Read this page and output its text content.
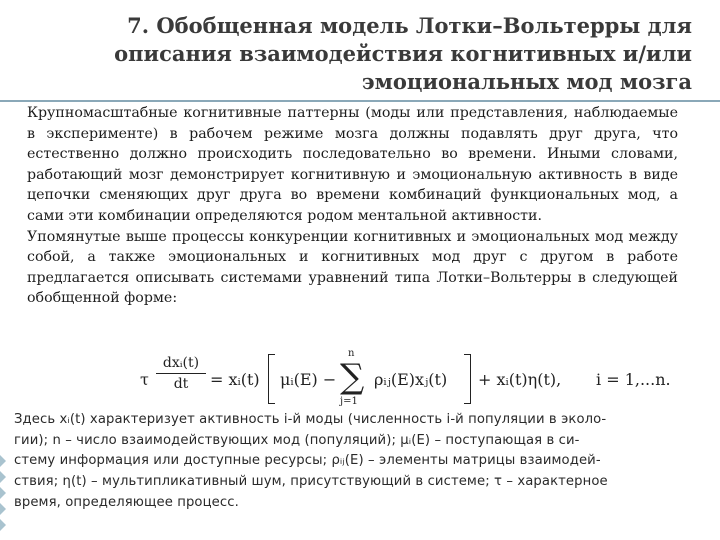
7. Обобщенная модель Лотки–Вольтерры для
описания взаимодействия когнитивных и/или
эмоциональных мод мозга

Крупномасштабные когнитивные паттерны (моды или представления, наблюдаемые в эксперименте) в рабочем режиме мозга должны подавлять друг друга, что естественно должно происходить последовательно во времени. Иными словами, работающий мозг демонстрирует когнитивную и эмоциональную активность в виде цепочки сменяющих друг друга во времени комбинаций функциональных мод, а сами эти комбинации определяются родом ментальной активности.

Упомянутые выше процессы конкуренции когнитивных и эмоциональных мод между собой, а также эмоциональных и когнитивных мод друг с другом в работе предлагается описывать системами уравнений типа Лотки–Вольтерры в следующей обобщенной форме:

τ
dxᵢ(t)
dt	= xᵢ(t) μᵢ(E) −
n
∑
j=1
ρᵢⱼ(E)xⱼ(t) + xᵢ(t)η(t), i = 1,...n.
Здесь xᵢ(t) характеризует активность i-й моды (численность i-й популяции в эколо-
гии); n – число взаимодействующих мод (популяций); μᵢ(E) – поступающая в си-
стему информация или доступные ресурсы; ρᵢⱼ(E) – элементы матрицы взаимодей-
ствия; η(t) – мультипликативный шум, присутствующий в системе; τ – характерное
время, определяющее процесс.
